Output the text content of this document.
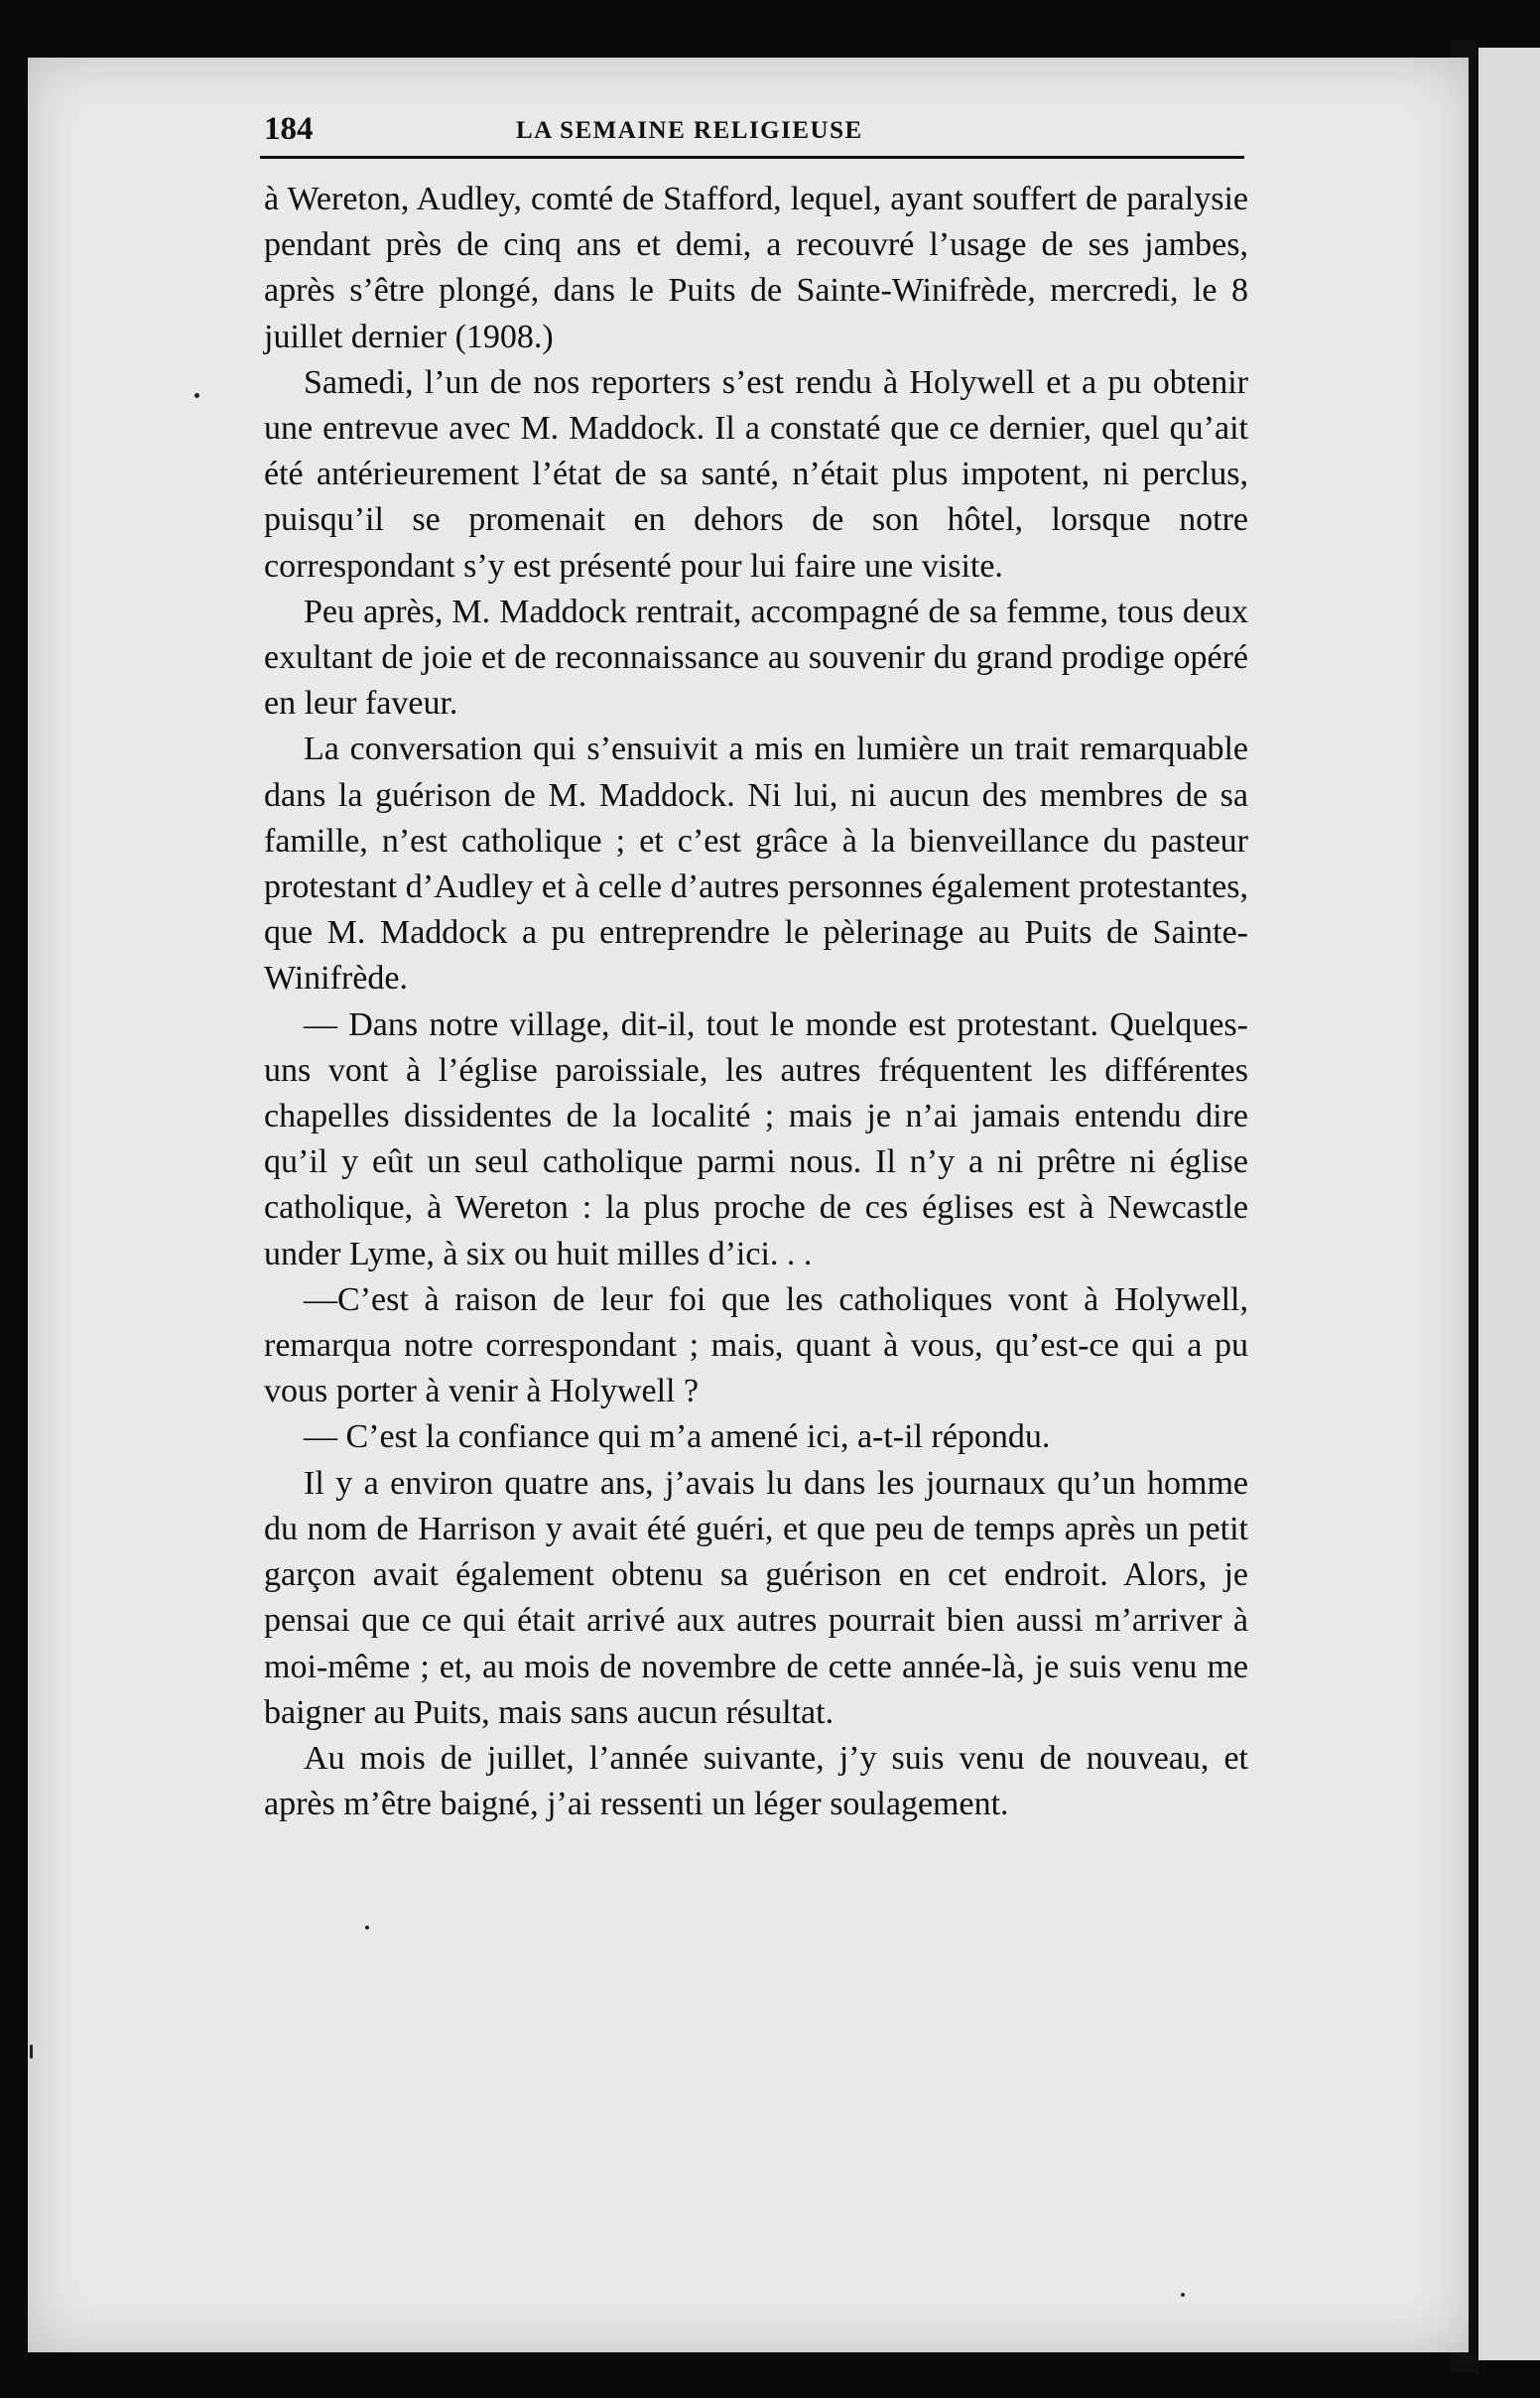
184	LA SEMAINE RELIGIEUSE

à Wereton, Audley, comté de Stafford, lequel, ayant souffert de paralysie pendant près de cinq ans et demi, a recouvré l’usage de ses jambes, après s’être plongé, dans le Puits de Sainte-Winifrède, mercredi, le 8 juillet dernier (1908.)

Samedi, l’un de nos reporters s’est rendu à Holywell et a pu obtenir une entrevue avec M. Maddock. Il a constaté que ce dernier, quel qu’ait été antérieurement l’état de sa santé, n’était plus impotent, ni perclus, puisqu’il se promenait en dehors de son hôtel, lorsque notre correspondant s’y est présenté pour lui faire une visite.

Peu après, M. Maddock rentrait, accompagné de sa femme, tous deux exultant de joie et de reconnaissance au souvenir du grand prodige opéré en leur faveur.

La conversation qui s’ensuivit a mis en lumière un trait remarquable dans la guérison de M. Maddock. Ni lui, ni aucun des membres de sa famille, n’est catholique ; et c’est grâce à la bienveillance du pasteur protestant d’Audley et à celle d’autres personnes également protestantes, que M. Maddock a pu entreprendre le pèlerinage au Puits de Sainte-Winifrède.

— Dans notre village, dit-il, tout le monde est protestant. Quelques-uns vont à l’église paroissiale, les autres fréquentent les différentes chapelles dissidentes de la localité ; mais je n’ai jamais entendu dire qu’il y eût un seul catholique parmi nous. Il n’y a ni prêtre ni église catholique, à Wereton : la plus proche de ces églises est à Newcastle under Lyme, à six ou huit milles d’ici. . .

—C’est à raison de leur foi que les catholiques vont à Holywell, remarqua notre correspondant ; mais, quant à vous, qu’est-ce qui a pu vous porter à venir à Holywell ?

— C’est la confiance qui m’a amené ici, a-t-il répondu.

Il y a environ quatre ans, j’avais lu dans les journaux qu’un homme du nom de Harrison y avait été guéri, et que peu de temps après un petit garçon avait également obtenu sa guérison en cet endroit. Alors, je pensai que ce qui était arrivé aux autres pourrait bien aussi m’arriver à moi-même ; et, au mois de novembre de cette année-là, je suis venu me baigner au Puits, mais sans aucun résultat.

Au mois de juillet, l’année suivante, j’y suis venu de nouveau, et après m’être baigné, j’ai ressenti un léger soulagement.
